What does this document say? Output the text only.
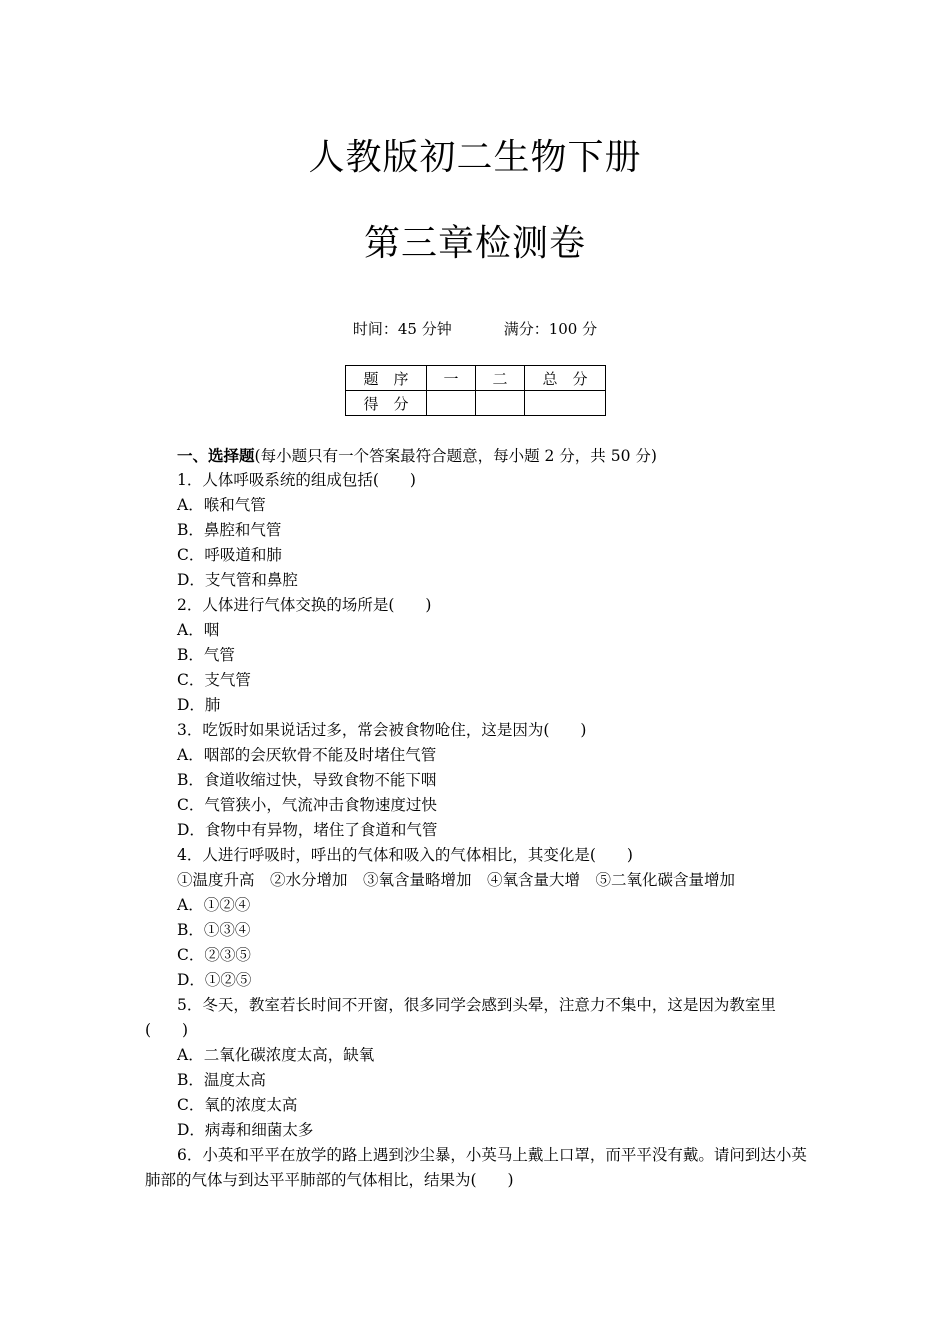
人教版初二生物下册
第三章检测卷
时间：45 分钟	满分：100 分
题　序	一	二	总　分
得　分			
一、选择题(每小题只有一个答案最符合题意，每小题 2 分，共 50 分)
1．人体呼吸系统的组成包括(　　)
A．喉和气管
B．鼻腔和气管
C．呼吸道和肺
D．支气管和鼻腔
2．人体进行气体交换的场所是(　　)
A．咽
B．气管
C．支气管
D．肺
3．吃饭时如果说话过多，常会被食物呛住，这是因为(　　)
A．咽部的会厌软骨不能及时堵住气管
B．食道收缩过快，导致食物不能下咽
C．气管狭小，气流冲击食物速度过快
D．食物中有异物，堵住了食道和气管
4．人进行呼吸时，呼出的气体和吸入的气体相比，其变化是(　　)
①温度升高　②水分增加　③氧含量略增加　④氧含量大增　⑤二氧化碳含量增加
A．①②④
B．①③④
C．②③⑤
D．①②⑤
5．冬天，教室若长时间不开窗，很多同学会感到头晕，注意力不集中，这是因为教室里(　　)
A．二氧化碳浓度太高，缺氧
B．温度太高
C．氧的浓度太高
D．病毒和细菌太多
6．小英和平平在放学的路上遇到沙尘暴，小英马上戴上口罩，而平平没有戴。请问到达小英肺部的气体与到达平平肺部的气体相比，结果为(　　)
